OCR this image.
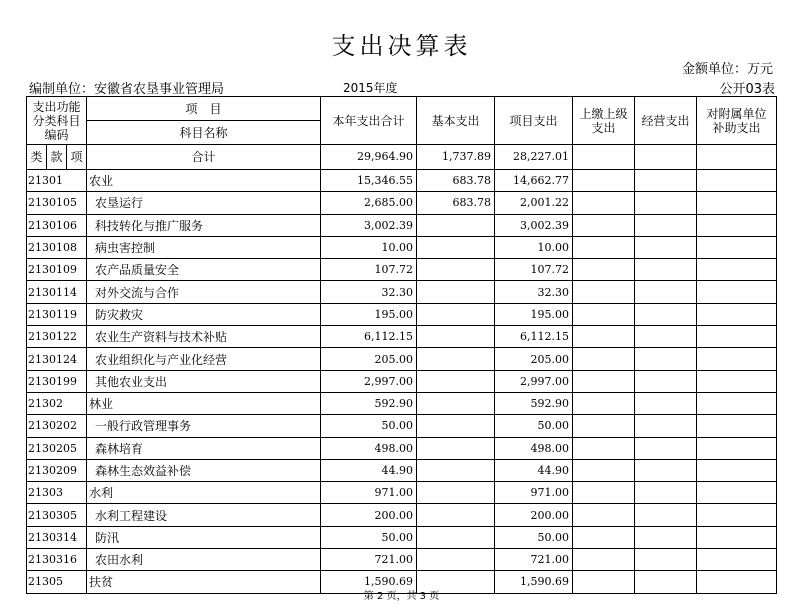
支出决算表
金额单位：万元
编制单位：安徽省农垦事业管理局	2015年度	公开03表
支出功能分类科目编码			项　目	本年支出合计	基本支出	项目支出	上缴上级支出	经营支出	对附属单位补助支出
			科目名称						
类	款	项	合计	29,964.90	1,737.89	28,227.01			
21301			农业	15,346.55	683.78	14,662.77			
2130105			农垦运行	2,685.00	683.78	2,001.22			
2130106			科技转化与推广服务	3,002.39		3,002.39			
2130108			病虫害控制	10.00		10.00			
2130109			农产品质量安全	107.72		107.72			
2130114			对外交流与合作	32.30		32.30			
2130119			防灾救灾	195.00		195.00			
2130122			农业生产资料与技术补贴	6,112.15		6,112.15			
2130124			农业组织化与产业化经营	205.00		205.00			
2130199			其他农业支出	2,997.00		2,997.00			
21302			林业	592.90		592.90			
2130202			一般行政管理事务	50.00		50.00			
2130205			森林培育	498.00		498.00			
2130209			森林生态效益补偿	44.90		44.90			
21303			水利	971.00		971.00			
2130305			水利工程建设	200.00		200.00			
2130314			防汛	50.00		50.00			
2130316			农田水利	721.00		721.00			
21305			扶贫	1,590.69		1,590.69			
第 2 页，共 3 页
